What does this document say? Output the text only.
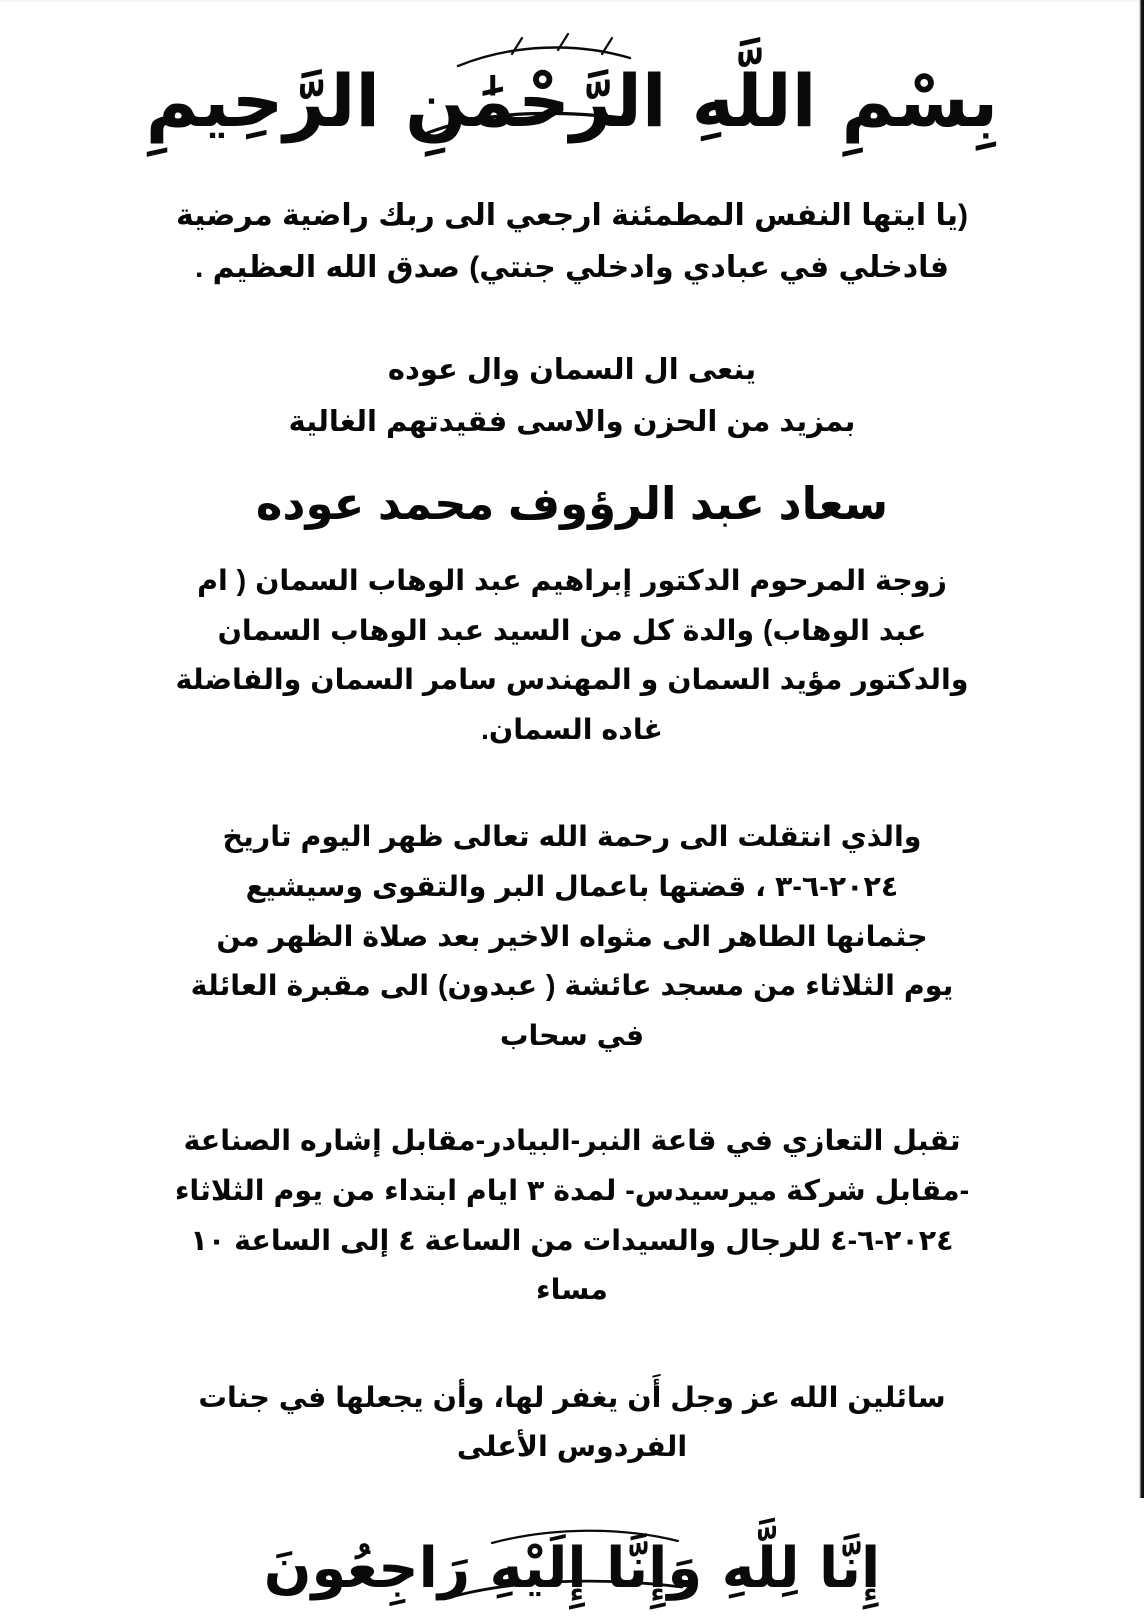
بِسْمِ اللَّهِ الرَّحْمَٰنِ الرَّحِيمِ
(يا ايتها النفس المطمئنة ارجعي الى ربك راضية مرضية
فادخلي في عبادي وادخلي جنتي) صدق الله العظيم .
ينعى ال السمان وال عوده
بمزيد من الحزن والاسى فقيدتهم الغالية
سعاد عبد الرؤوف محمد عوده
زوجة المرحوم الدكتور إبراهيم عبد الوهاب السمان ( ام
عبد الوهاب) والدة كل من السيد عبد الوهاب السمان
والدكتور مؤيد السمان و المهندس سامر السمان والفاضلة
غاده السمان.
والذي انتقلت الى رحمة الله تعالى ظهر اليوم تاريخ
٢٠٢٤-٦-٣ ، قضتها باعمال البر والتقوى وسيشيع
جثمانها الطاهر الى مثواه الاخير بعد صلاة الظهر من
يوم الثلاثاء من مسجد عائشة ( عبدون) الى مقبرة العائلة
في سحاب
تقبل التعازي في قاعة النبر-البيادر-مقابل إشاره الصناعة
-مقابل شركة ميرسيدس- لمدة ٣ ايام ابتداء من يوم الثلاثاء
٢٠٢٤-٦-٤ للرجال والسيدات من الساعة ٤ إلى الساعة ١٠
مساء
سائلين الله عز وجل أَن يغفر لها، وأن يجعلها في جنات
الفردوس الأعلى
إِنَّا لِلَّهِ وَإِنَّا إِلَيْهِ رَاجِعُونَ
